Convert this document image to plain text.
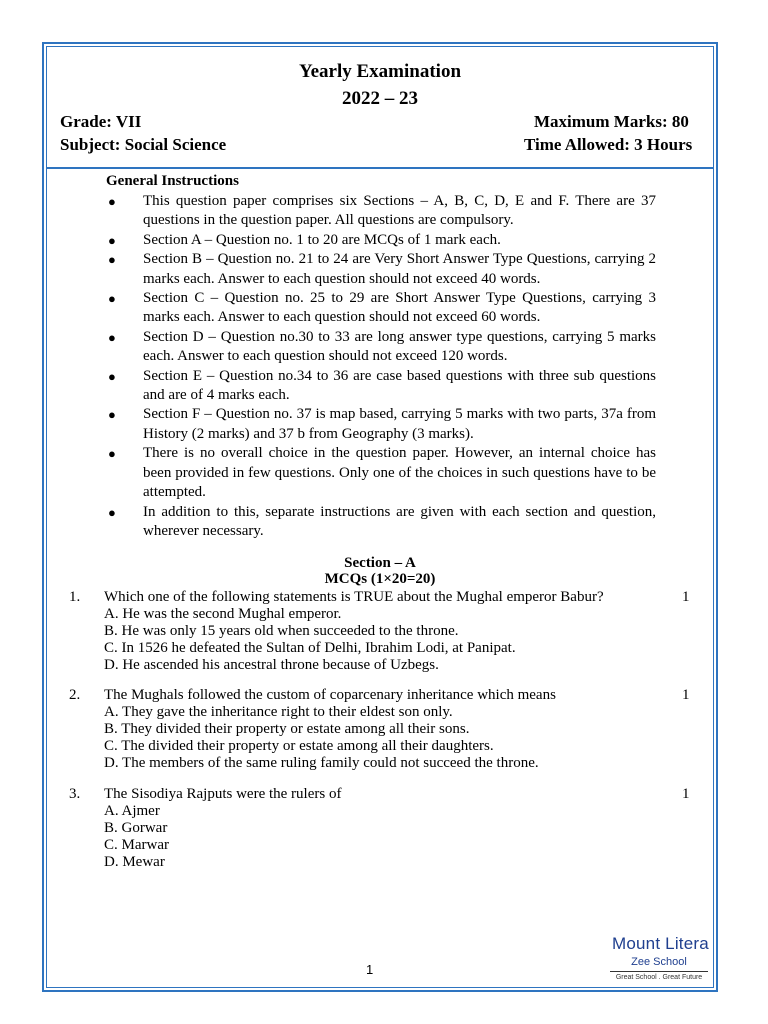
Yearly Examination
2022 – 23
Grade: VII	Maximum Marks: 80
Subject: Social Science	Time Allowed: 3 Hours
General Instructions
● This question paper comprises six Sections – A, B, C, D, E and F. There are 37 questions in the question paper. All questions are compulsory.
● Section A – Question no. 1 to 20 are MCQs of 1 mark each.
● Section B – Question no. 21 to 24 are Very Short Answer Type Questions, carrying 2 marks each. Answer to each question should not exceed 40 words.
● Section C – Question no. 25 to 29 are Short Answer Type Questions, carrying 3 marks each. Answer to each question should not exceed 60 words.
● Section D – Question no.30 to 33 are long answer type questions, carrying 5 marks each. Answer to each question should not exceed 120 words.
● Section E – Question no.34 to 36 are case based questions with three sub questions and are of 4 marks each.
● Section F – Question no. 37 is map based, carrying 5 marks with two parts, 37a from History (2 marks) and 37 b from Geography (3 marks).
● There is no overall choice in the question paper. However, an internal choice has been provided in few questions. Only one of the choices in such questions have to be attempted.
● In addition to this, separate instructions are given with each section and question, wherever necessary.
Section – A
MCQs (1×20=20)
1. Which one of the following statements is TRUE about the Mughal emperor Babur?	1
A. He was the second Mughal emperor.
B. He was only 15 years old when succeeded to the throne.
C. In 1526 he defeated the Sultan of Delhi, Ibrahim Lodi, at Panipat.
D. He ascended his ancestral throne because of Uzbegs.
2. The Mughals followed the custom of coparcenary inheritance which means	1
A. They gave the inheritance right to their eldest son only.
B. They divided their property or estate among all their sons.
C. The divided their property or estate among all their daughters.
D. The members of the same ruling family could not succeed the throne.
3. The Sisodiya Rajputs were the rulers of	1
A. Ajmer
B. Gorwar
C. Marwar
D. Mewar
1
Mount Litera
Zee School
Great School . Great Future
